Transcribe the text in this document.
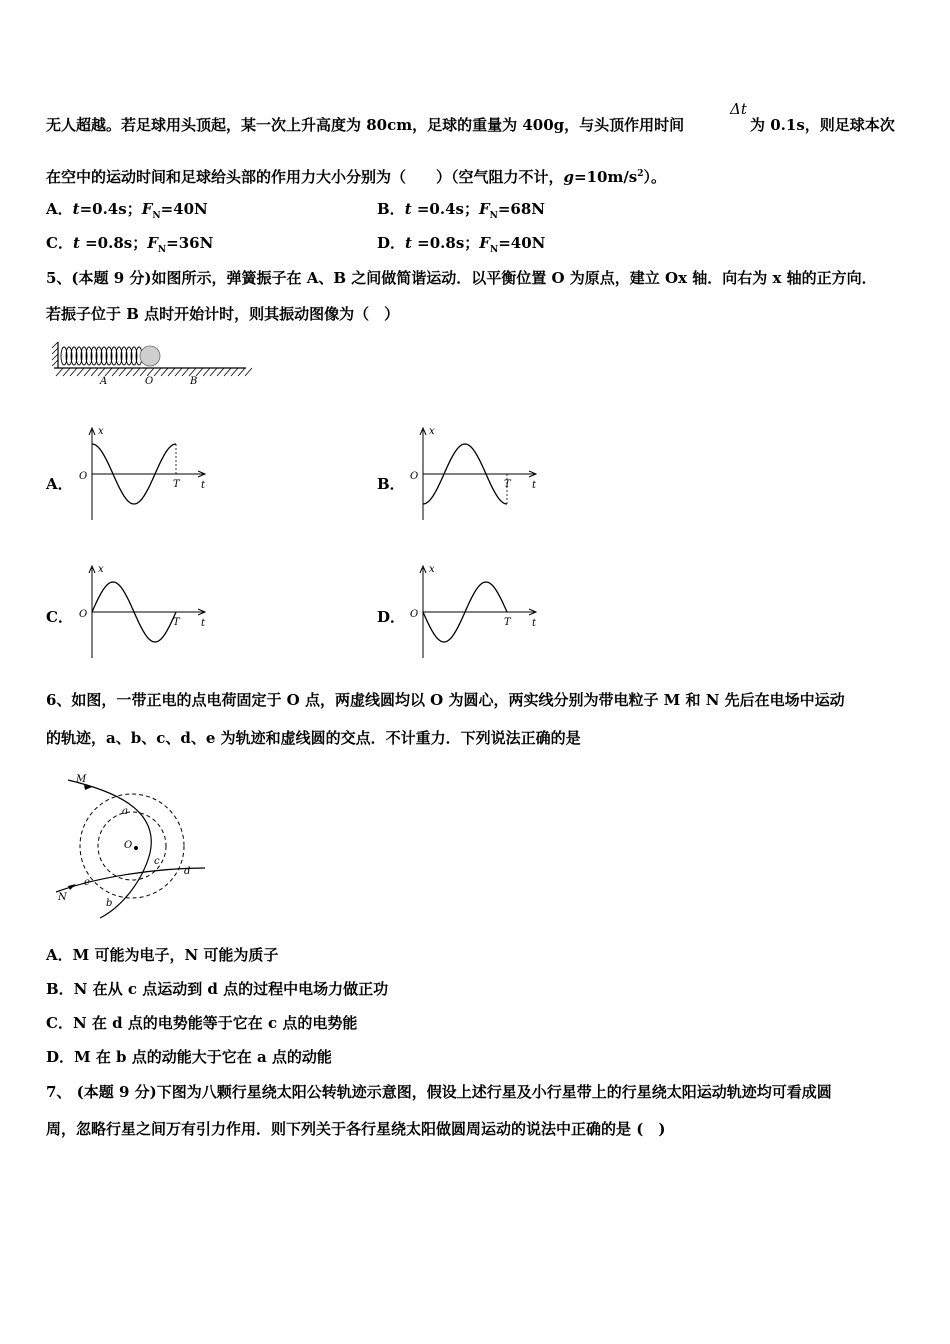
无人超越。若足球用头顶起，某一次上升高度为 80cm，足球的重量为 400g，与头顶作用时间
Δt
为 0.1s，则足球本次
在空中的运动时间和足球给头部的作用力大小分别为（　　）（空气阻力不计，$g=10m/s^2$）。
A．t=0.4s；$F_N=40N$	B．t =0.4s；$F_N=68N$
C．t =0.8s；$F_N=36N$	D．t =0.8s；$F_N=40N$
5、(本题 9 分)如图所示，弹簧振子在 A、B 之间做简谐运动．以平衡位置 O 为原点，建立 Ox 轴．向右为 x 轴的正方向．
若振子位于 B 点时开始计时，则其振动图像为（　）
A	O	B
A．
x
O
T t	B．
x
O
T t
C．
x
O
T t	D．
x
O
T t
6、如图，一带正电的点电荷固定于 O 点，两虚线圆均以 O 为圆心，两实线分别为带电粒子 M 和 N 先后在电场中运动
的轨迹，a、b、c、d、e 为轨迹和虚线圆的交点．不计重力．下列说法正确的是
M
N
O
a
b
c
d
e
A．M 可能为电子，N 可能为质子
B．N 在从 c 点运动到 d 点的过程中电场力做正功
C．N 在 d 点的电势能等于它在 c 点的电势能
D．M 在 b 点的动能大于它在 a 点的动能
7、 (本题 9 分)下图为八颗行星绕太阳公转轨迹示意图，假设上述行星及小行星带上的行星绕太阳运动轨迹均可看成圆
周，忽略行星之间万有引力作用．则下列关于各行星绕太阳做圆周运动的说法中正确的是 (　)
